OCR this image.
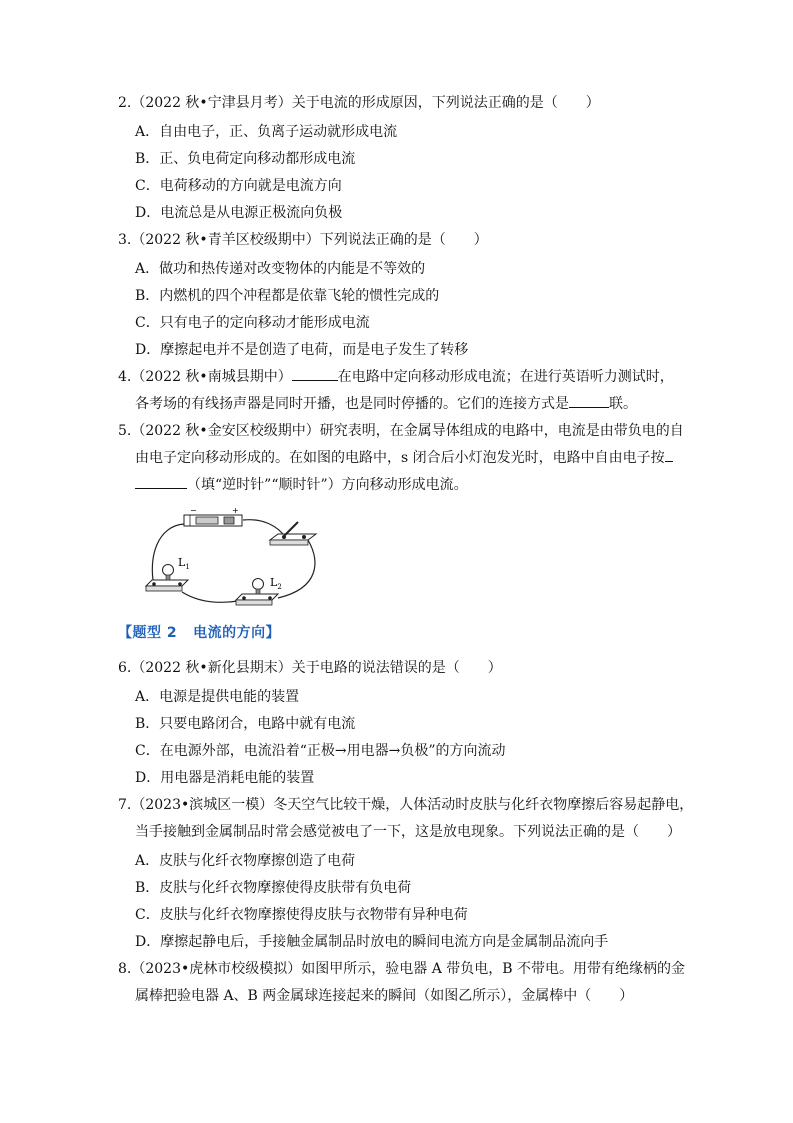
2.（2022 秋•宁津县月考）关于电流的形成原因，下列说法正确的是（　　）
A．自由电子，正、负离子运动就形成电流
B．正、负电荷定向移动都形成电流
C．电荷移动的方向就是电流方向
D．电流总是从电源正极流向负极
3.（2022 秋•青羊区校级期中）下列说法正确的是（　　）
A．做功和热传递对改变物体的内能是不等效的
B．内燃机的四个冲程都是依靠飞轮的惯性完成的
C．只有电子的定向移动才能形成电流
D．摩擦起电并不是创造了电荷，而是电子发生了转移
4.（2022 秋•南城县期中）	在电路中定向移动形成电流；在进行英语听力测试时，
各考场的有线扬声器是同时开播，也是同时停播的。它们的连接方式是	联。
5.（2022 秋•金安区校级期中）研究表明，在金属导体组成的电路中，电流是由带负电的自
由电子定向移动形成的。在如图的电路中，s 闭合后小灯泡发光时，电路中自由电子按
（填“逆时针”“顺时针”）方向移动形成电流。
−	+
$L_1$
$L_2$
【题型 2 电流的方向】
6.（2022 秋•新化县期末）关于电路的说法错误的是（　　）
A．电源是提供电能的装置
B．只要电路闭合，电路中就有电流
C．在电源外部，电流沿着“正极→用电器→负极”的方向流动
D．用电器是消耗电能的装置
7.（2023•滨城区一模）冬天空气比较干燥，人体活动时皮肤与化纤衣物摩擦后容易起静电，
当手接触到金属制品时常会感觉被电了一下，这是放电现象。下列说法正确的是（　　）
A．皮肤与化纤衣物摩擦创造了电荷
B．皮肤与化纤衣物摩擦使得皮肤带有负电荷
C．皮肤与化纤衣物摩擦使得皮肤与衣物带有异种电荷
D．摩擦起静电后，手接触金属制品时放电的瞬间电流方向是金属制品流向手
8.（2023•虎林市校级模拟）如图甲所示，验电器 A 带负电，B 不带电。用带有绝缘柄的金
属棒把验电器 A、B 两金属球连接起来的瞬间（如图乙所示），金属棒中（　　）
